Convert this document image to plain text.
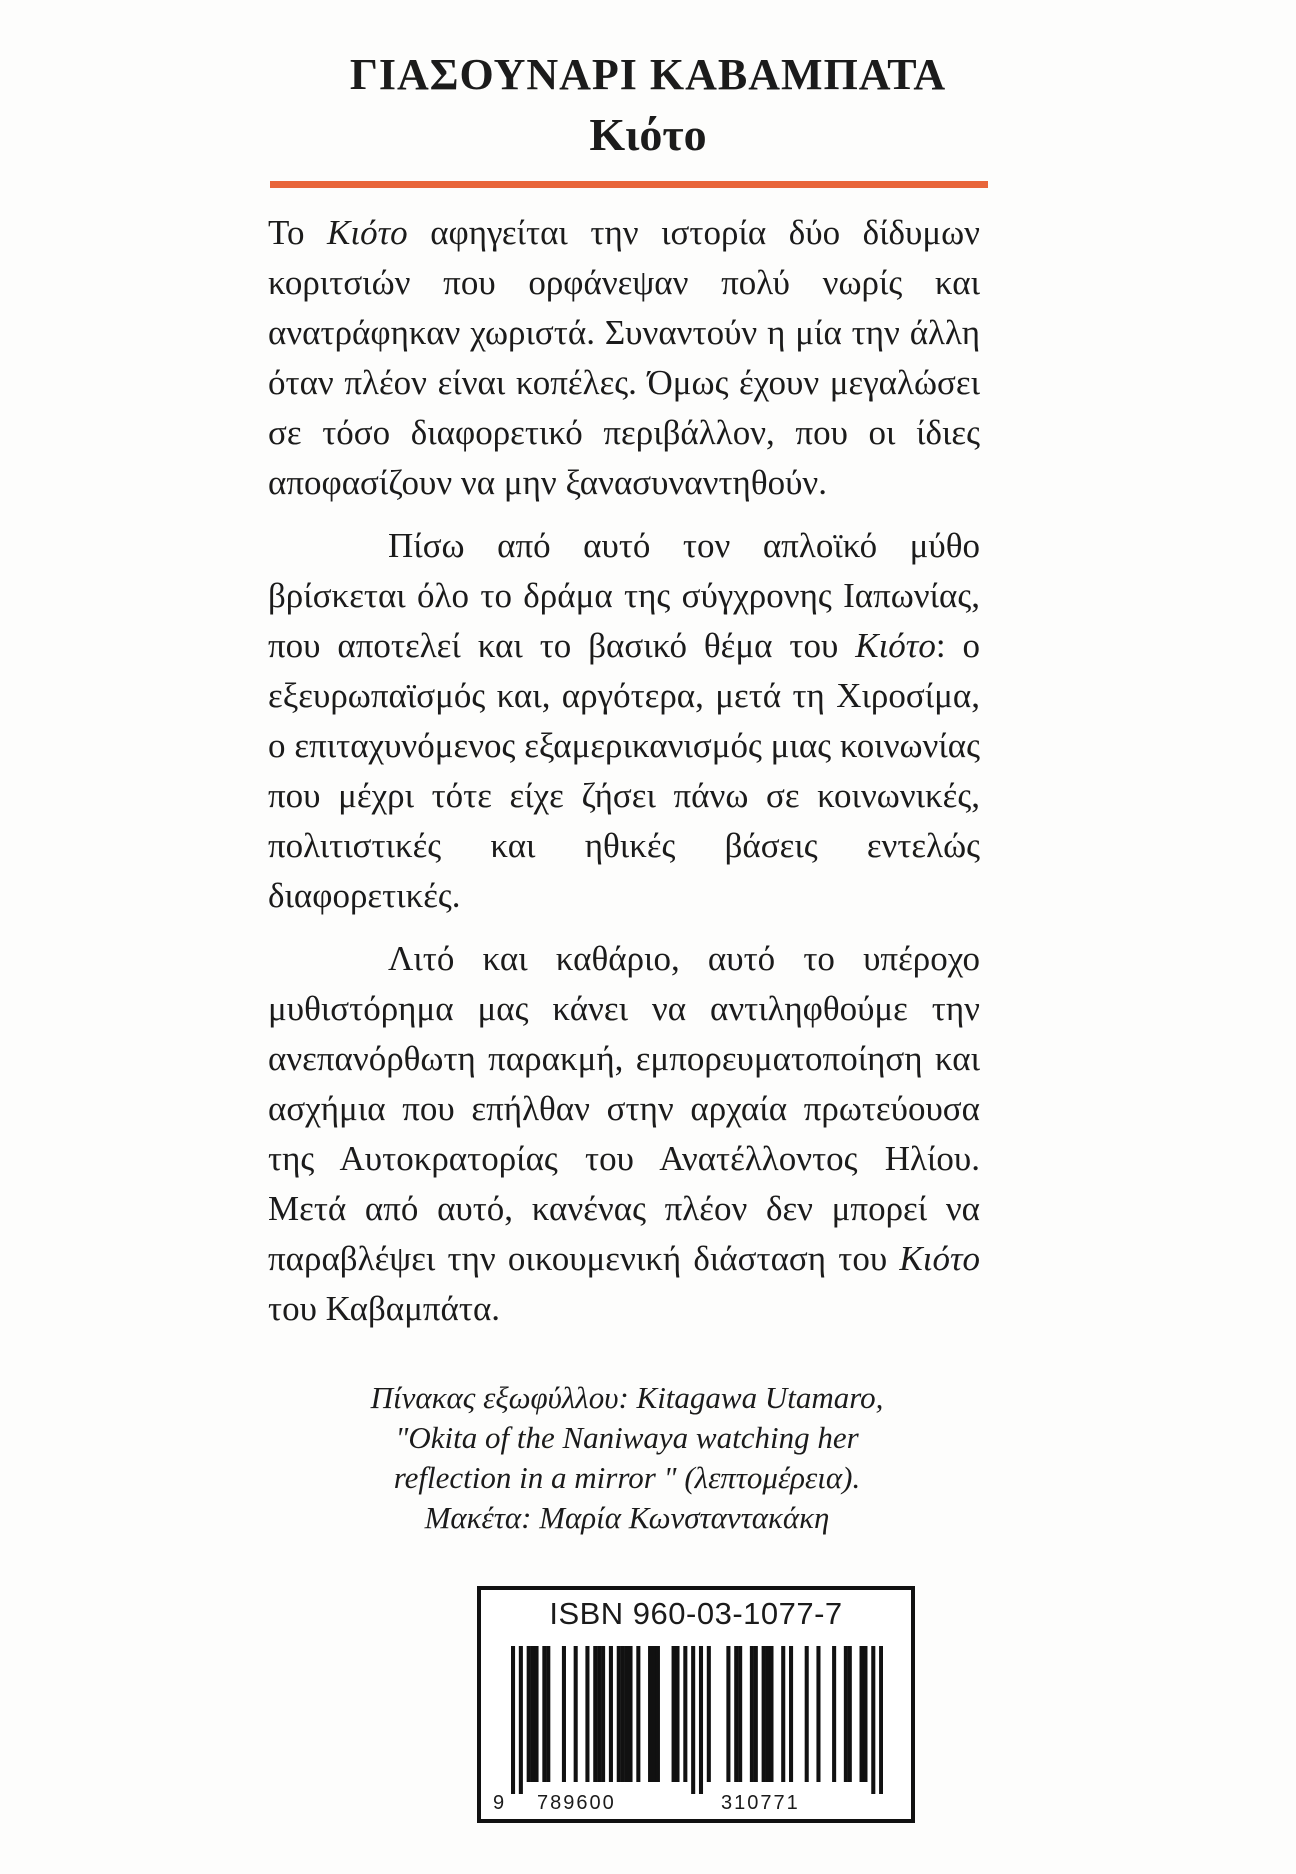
ΓΙΑΣΟΥΝΑΡΙ ΚΑΒΑΜΠΑΤΑ
Κιότο

Το Κιότο αφηγείται την ιστορία δύο δίδυμων κοριτσιών που ορφάνεψαν πολύ νωρίς και ανατράφηκαν χωριστά. Συναντούν η μία την άλλη όταν πλέον είναι κοπέλες. Όμως έχουν μεγαλώσει σε τόσο διαφορετικό περιβάλλον, που οι ίδιες αποφασίζουν να μην ξανασυναντηθούν.

Πίσω από αυτό τον απλοϊκό μύθο βρίσκεται όλο το δράμα της σύγχρονης Ιαπωνίας, που αποτελεί και το βασικό θέμα του Κιότο: ο εξευρωπαϊσμός και, αργότερα, μετά τη Χιροσίμα, ο επιταχυνόμενος εξαμερικανισμός μιας κοινωνίας που μέχρι τότε είχε ζήσει πάνω σε κοινωνικές, πολιτιστικές και ηθικές βάσεις εντελώς διαφορετικές.

Λιτό και καθάριο, αυτό το υπέροχο μυθιστόρημα μας κάνει να αντιληφθούμε την ανεπανόρθωτη παρακμή, εμπορευματοποίηση και ασχήμια που επήλθαν στην αρχαία πρωτεύουσα της Αυτοκρατορίας του Ανατέλλοντος Ηλίου. Μετά από αυτό, κανένας πλέον δεν μπορεί να παραβλέψει την οικουμενική διάσταση του Κιότο του Καβαμπάτα.

Πίνακας εξωφύλλου: Kitagawa Utamaro,
"Okita of the Naniwaya watching her
reflection in a mirror " (λεπτομέρεια).
Μακέτα: Μαρία Κωνσταντακάκη
ISBN 960-03-1077-7
9 789600	310771
